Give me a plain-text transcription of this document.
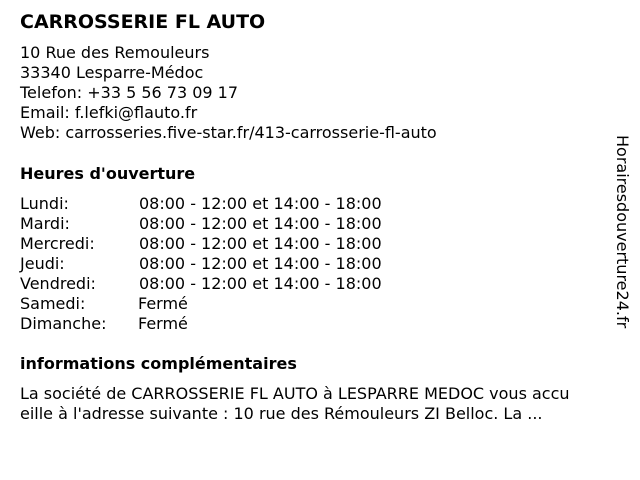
CARROSSERIE FL AUTO
10 Rue des Remouleurs
33340 Lesparre-Médoc
Telefon: +33 5 56 73 09 17
Email: f.lefki@flauto.fr
Web: carrosseries.five-star.fr/413-carrosserie-fl-auto
Heures d'ouverture
Lundi:	08:00 - 12:00 et 14:00 - 18:00
Mardi:	08:00 - 12:00 et 14:00 - 18:00
Mercredi:	08:00 - 12:00 et 14:00 - 18:00
Jeudi:	08:00 - 12:00 et 14:00 - 18:00
Vendredi:	08:00 - 12:00 et 14:00 - 18:00
Samedi:	Fermé
Dimanche: Fermé
informations complémentaires
La société de CARROSSERIE FL AUTO à LESPARRE MEDOC vous accu
eille à l'adresse suivante : 10 rue des Rémouleurs ZI Belloc. La ...
Horairesdouverture24.fr
